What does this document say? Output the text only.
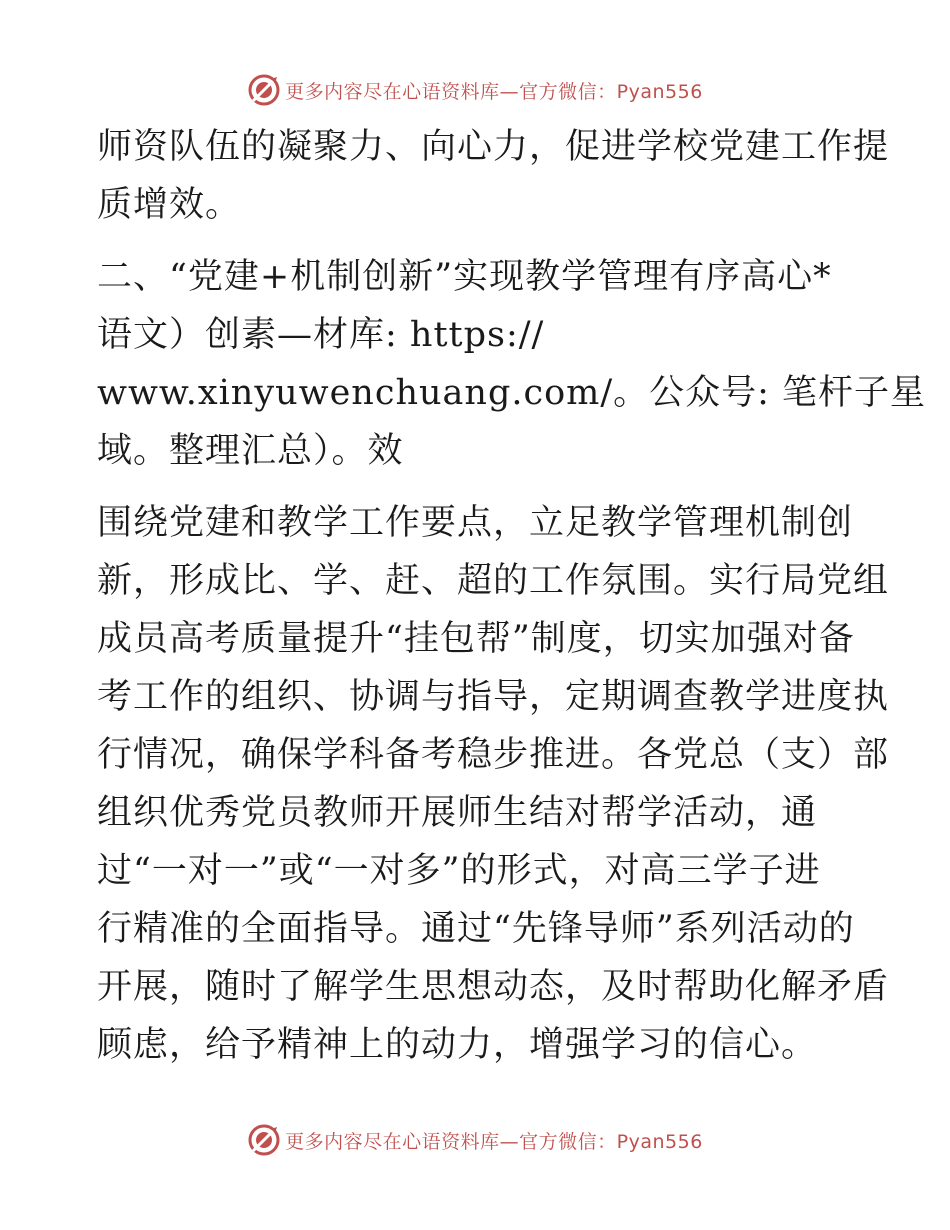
更多内容尽在心语资料库—官方微信：Pyan556
师资队伍的凝聚力、向心力，促进学校党建工作提
质增效。
二、“党建+机制创新”实现教学管理有序高心*
语文）创素—材库: https://
www.xinyuwenchuang.com/。公众号: 笔杆子星
域。整理汇总）。效
围绕党建和教学工作要点，立足教学管理机制创
新，形成比、学、赶、超的工作氛围。实行局党组
成员高考质量提升“挂包帮”制度，切实加强对备
考工作的组织、协调与指导，定期调查教学进度执
行情况，确保学科备考稳步推进。各党总（支）部
组织优秀党员教师开展师生结对帮学活动，通
过“一对一”或“一对多”的形式，对高三学子进
行精准的全面指导。通过“先锋导师”系列活动的
开展，随时了解学生思想动态，及时帮助化解矛盾
顾虑，给予精神上的动力，增强学习的信心。
更多内容尽在心语资料库—官方微信：Pyan556
